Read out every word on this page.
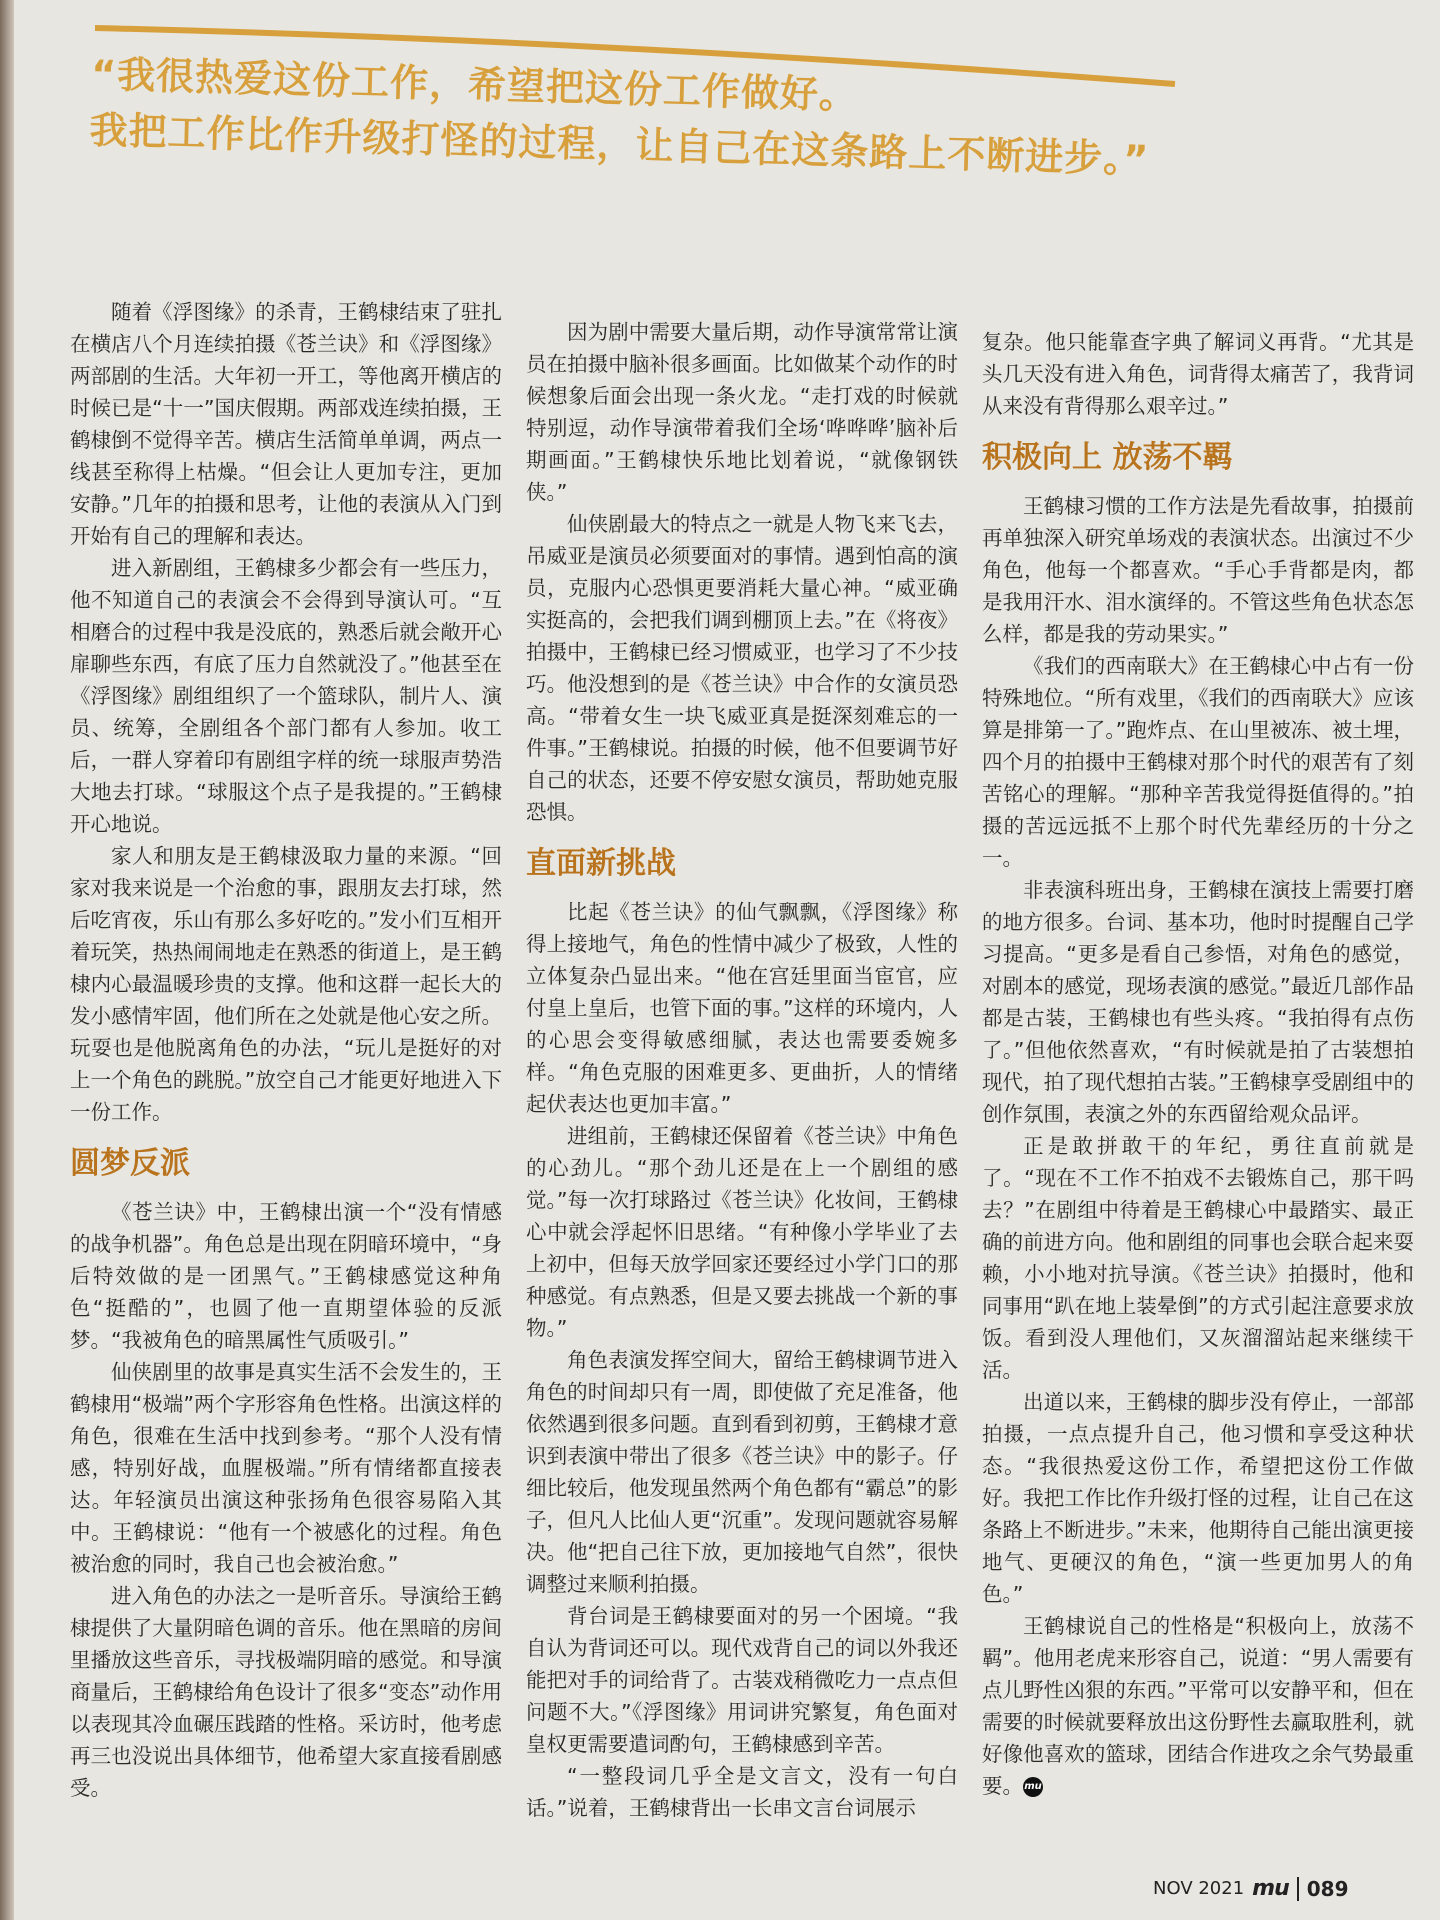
“我很热爱这份工作，希望把这份工作做好。
我把工作比作升级打怪的过程，让自己在这条路上不断进步。”

随着《浮图缘》的杀青，王鹤棣结束了驻扎在横店八个月连续拍摄《苍兰诀》和《浮图缘》两部剧的生活。大年初一开工，等他离开横店的时候已是“十一”国庆假期。两部戏连续拍摄，王鹤棣倒不觉得辛苦。横店生活简单单调，两点一线甚至称得上枯燥。“但会让人更加专注，更加安静。”几年的拍摄和思考，让他的表演从入门到开始有自己的理解和表达。

进入新剧组，王鹤棣多少都会有一些压力，他不知道自己的表演会不会得到导演认可。“互相磨合的过程中我是没底的，熟悉后就会敞开心扉聊些东西，有底了压力自然就没了。”他甚至在《浮图缘》剧组组织了一个篮球队，制片人、演员、统筹，全剧组各个部门都有人参加。收工后，一群人穿着印有剧组字样的统一球服声势浩大地去打球。“球服这个点子是我提的。”王鹤棣开心地说。

家人和朋友是王鹤棣汲取力量的来源。“回家对我来说是一个治愈的事，跟朋友去打球，然后吃宵夜，乐山有那么多好吃的。”发小们互相开着玩笑，热热闹闹地走在熟悉的街道上，是王鹤棣内心最温暖珍贵的支撑。他和这群一起长大的发小感情牢固，他们所在之处就是他心安之所。玩耍也是他脱离角色的办法，“玩儿是挺好的对上一个角色的跳脱。”放空自己才能更好地进入下一份工作。

圆梦反派

《苍兰诀》中，王鹤棣出演一个“没有情感的战争机器”。角色总是出现在阴暗环境中，“身后特效做的是一团黑气。”王鹤棣感觉这种角色“挺酷的”，也圆了他一直期望体验的反派梦。“我被角色的暗黑属性气质吸引。”

仙侠剧里的故事是真实生活不会发生的，王鹤棣用“极端”两个字形容角色性格。出演这样的角色，很难在生活中找到参考。“那个人没有情感，特别好战，血腥极端。”所有情绪都直接表达。年轻演员出演这种张扬角色很容易陷入其中。王鹤棣说：“他有一个被感化的过程。角色被治愈的同时，我自己也会被治愈。”

进入角色的办法之一是听音乐。导演给王鹤棣提供了大量阴暗色调的音乐。他在黑暗的房间里播放这些音乐，寻找极端阴暗的感觉。和导演商量后，王鹤棣给角色设计了很多“变态”动作用以表现其冷血碾压践踏的性格。采访时，他考虑再三也没说出具体细节，他希望大家直接看剧感受。

因为剧中需要大量后期，动作导演常常让演员在拍摄中脑补很多画面。比如做某个动作的时候想象后面会出现一条火龙。“走打戏的时候就特别逗，动作导演带着我们全场‘哗哗哗’脑补后期画面。”王鹤棣快乐地比划着说，“就像钢铁侠。”

仙侠剧最大的特点之一就是人物飞来飞去，吊威亚是演员必须要面对的事情。遇到怕高的演员，克服内心恐惧更要消耗大量心神。“威亚确实挺高的，会把我们调到棚顶上去。”在《将夜》拍摄中，王鹤棣已经习惯威亚，也学习了不少技巧。他没想到的是《苍兰诀》中合作的女演员恐高。“带着女生一块飞威亚真是挺深刻难忘的一件事。”王鹤棣说。拍摄的时候，他不但要调节好自己的状态，还要不停安慰女演员，帮助她克服恐惧。

直面新挑战

比起《苍兰诀》的仙气飘飘，《浮图缘》称得上接地气，角色的性情中减少了极致，人性的立体复杂凸显出来。“他在宫廷里面当宦官，应付皇上皇后，也管下面的事。”这样的环境内，人的心思会变得敏感细腻，表达也需要委婉多样。“角色克服的困难更多、更曲折，人的情绪起伏表达也更加丰富。”

进组前，王鹤棣还保留着《苍兰诀》中角色的心劲儿。“那个劲儿还是在上一个剧组的感觉。”每一次打球路过《苍兰诀》化妆间，王鹤棣心中就会浮起怀旧思绪。“有种像小学毕业了去上初中，但每天放学回家还要经过小学门口的那种感觉。有点熟悉，但是又要去挑战一个新的事物。”

角色表演发挥空间大，留给王鹤棣调节进入角色的时间却只有一周，即使做了充足准备，他依然遇到很多问题。直到看到初剪，王鹤棣才意识到表演中带出了很多《苍兰诀》中的影子。仔细比较后，他发现虽然两个角色都有“霸总”的影子，但凡人比仙人更“沉重”。发现问题就容易解决。他“把自己往下放，更加接地气自然”，很快调整过来顺利拍摄。

背台词是王鹤棣要面对的另一个困境。“我自认为背词还可以。现代戏背自己的词以外我还能把对手的词给背了。古装戏稍微吃力一点点但问题不大。”《浮图缘》用词讲究繁复，角色面对皇权更需要遣词酌句，王鹤棣感到辛苦。

“一整段词几乎全是文言文，没有一句白话。”说着，王鹤棣背出一长串文言台词展示

复杂。他只能靠查字典了解词义再背。“尤其是头几天没有进入角色，词背得太痛苦了，我背词从来没有背得那么艰辛过。”

积极向上 放荡不羁

王鹤棣习惯的工作方法是先看故事，拍摄前再单独深入研究单场戏的表演状态。出演过不少角色，他每一个都喜欢。“手心手背都是肉，都是我用汗水、泪水演绎的。不管这些角色状态怎么样，都是我的劳动果实。”

《我们的西南联大》在王鹤棣心中占有一份特殊地位。“所有戏里，《我们的西南联大》应该算是排第一了。”跑炸点、在山里被冻、被土埋，四个月的拍摄中王鹤棣对那个时代的艰苦有了刻苦铭心的理解。“那种辛苦我觉得挺值得的。”拍摄的苦远远抵不上那个时代先辈经历的十分之一。

非表演科班出身，王鹤棣在演技上需要打磨的地方很多。台词、基本功，他时时提醒自己学习提高。“更多是看自己参悟，对角色的感觉，对剧本的感觉，现场表演的感觉。”最近几部作品都是古装，王鹤棣也有些头疼。“我拍得有点伤了。”但他依然喜欢，“有时候就是拍了古装想拍现代，拍了现代想拍古装。”王鹤棣享受剧组中的创作氛围，表演之外的东西留给观众品评。

正是敢拼敢干的年纪，勇往直前就是了。“现在不工作不拍戏不去锻炼自己，那干吗去？”在剧组中待着是王鹤棣心中最踏实、最正确的前进方向。他和剧组的同事也会联合起来耍赖，小小地对抗导演。《苍兰诀》拍摄时，他和同事用“趴在地上装晕倒”的方式引起注意要求放饭。看到没人理他们，又灰溜溜站起来继续干活。

出道以来，王鹤棣的脚步没有停止，一部部拍摄，一点点提升自己，他习惯和享受这种状态。“我很热爱这份工作，希望把这份工作做好。我把工作比作升级打怪的过程，让自己在这条路上不断进步。”未来，他期待自己能出演更接地气、更硬汉的角色，“演一些更加男人的角色。”

王鹤棣说自己的性格是“积极向上，放荡不羁”。他用老虎来形容自己，说道：“男人需要有点儿野性凶狠的东西。”平常可以安静平和，但在需要的时候就要释放出这份野性去赢取胜利，就好像他喜欢的篮球，团结合作进攻之余气势最重要。mu

NOV 2021 mu 089
